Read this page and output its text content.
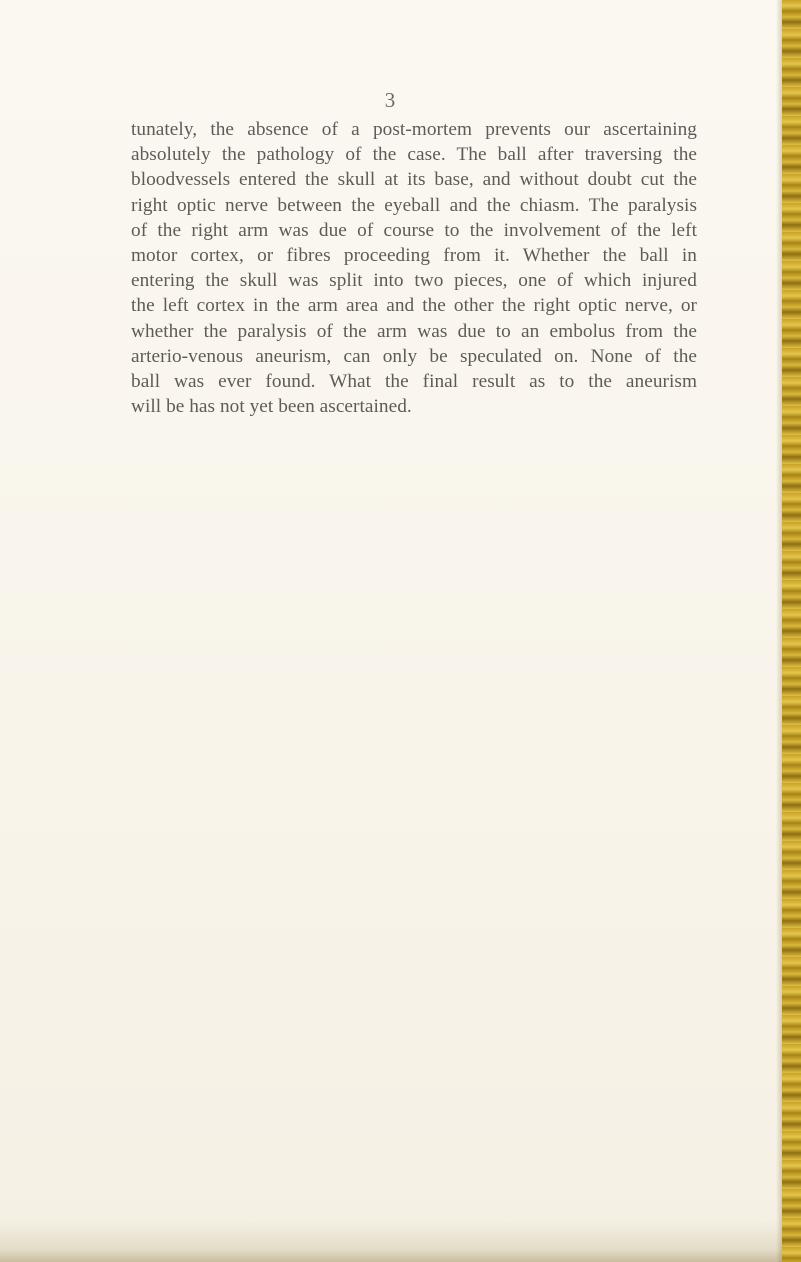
3

tunately, the absence of a post-mortem prevents our ascertaining
absolutely the pathology of the case. The ball after traversing the
bloodvessels entered the skull at its base, and without doubt cut the
right optic nerve between the eyeball and the chiasm. The paralysis
of the right arm was due of course to the involvement of the left
motor cortex, or fibres proceeding from it. Whether the ball in
entering the skull was split into two pieces, one of which injured
the left cortex in the arm area and the other the right optic nerve, or
whether the paralysis of the arm was due to an embolus from the
arterio-venous aneurism, can only be speculated on. None of the
ball was ever found. What the final result as to the aneurism
will be has not yet been ascertained.
